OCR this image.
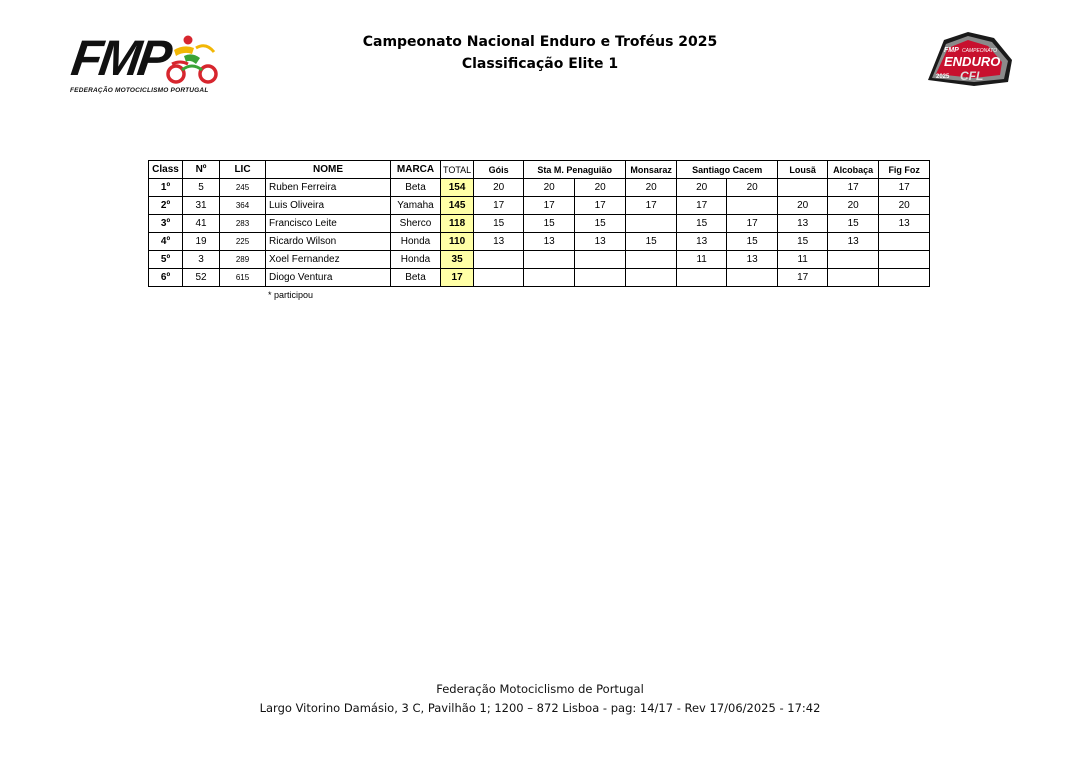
FMP
FEDERAÇÃO MOTOCICLISMO PORTUGAL
Campeonato Nacional Enduro e Troféus 2025
Classificação Elite 1
FMP CAMPEONATO
ENDURO
2025 CFL
Class	Nº	LIC	NOME	MARCA	TOTAL	Góis	Sta M. Penaguião		Monsaraz	Santiago Cacem		Lousã	Alcobaça	Fig Foz
1º	5	245	Ruben Ferreira	Beta	154	20	20	20	20	20	20		17	17
2º	31	364	Luis Oliveira	Yamaha	145	17	17	17	17	17		20	20	20
3º	41	283	Francisco Leite	Sherco	118	15	15	15		15	17	13	15	13
4º	19	225	Ricardo Wilson	Honda	110	13	13	13	15	13	15	15	13	
5º	3	289	Xoel Fernandez	Honda	35					11	13	11		
6º	52	615	Diogo Ventura	Beta	17							17		
* participou
Federação Motociclismo de Portugal
Largo Vitorino Damásio, 3 C, Pavilhão 1; 1200 – 872 Lisboa - pag: 14/17 - Rev 17/06/2025 - 17:42
